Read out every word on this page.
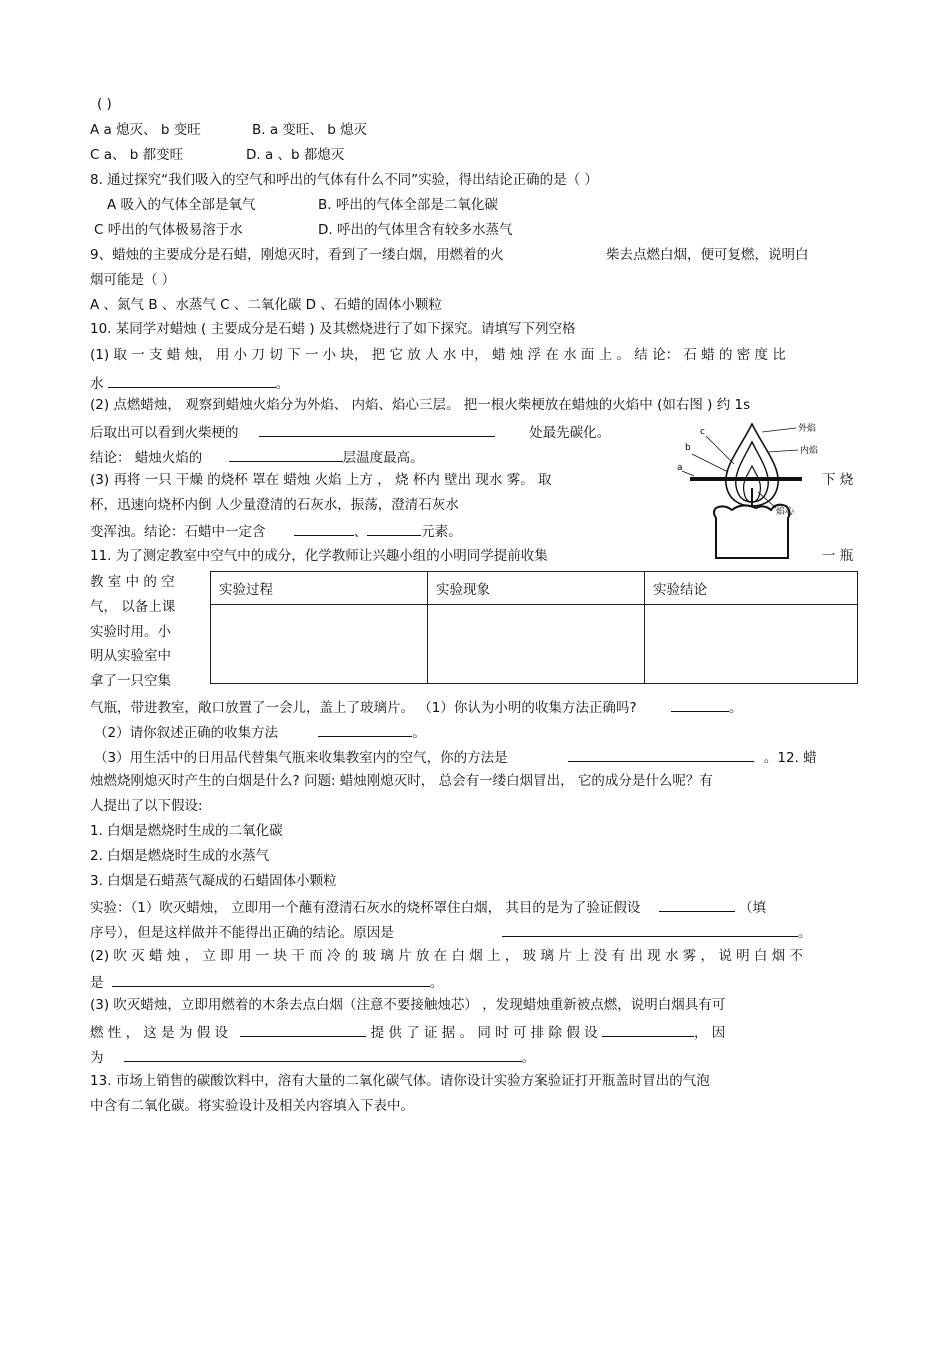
( )
A a 熄灭、 b 变旺	B. a 变旺、 b 熄灭
C a、 b 都变旺	D. a 、b 都熄灭
8. 通过探究“我们吸入的空气和呼出的气体有什么不同”实验，得出结论正确的是（ ）
A 吸入的气体全部是氧气	B. 呼出的气体全部是二氧化碳
C 呼出的气体极易溶于水	D. 呼出的气体里含有较多水蒸气
9、蜡烛的主要成分是石蜡，刚熄灭时，看到了一缕白烟，用燃着的火	柴去点燃白烟，便可复燃，说明白
烟可能是（ ）
A 、氮气 B 、水蒸气 C 、二氧化碳 D 、石蜡的固体小颗粒
10. 某同学对蜡烛 ( 主要成分是石蜡 ) 及其燃烧进行了如下探究。请填写下列空格
(1) 取 一 支 蜡 烛， 用 小 刀 切 下 一 小 块， 把 它 放 人 水 中， 蜡 烛 浮 在 水 面 上 。 结 论： 石 蜡 的 密 度 比
水	。
(2) 点燃蜡烛， 观察到蜡烛火焰分为外焰、 内焰、焰心三层。 把一根火柴梗放在蜡烛的火焰中 (如右图 ) 约 1s
后取出可以看到火柴梗的	处最先碳化。
结论： 蜡烛火焰的	层温度最高。
(3) 再将 一只 干燥 的烧杯 罩在 蜡烛 火焰 上方 ， 烧 杯内 壁出 现水 雾。 取	下 烧
杯，迅速向烧杯内倒 人少量澄清的石灰水，振荡，澄清石灰水
变浑浊。结论：石蜡中一定含	、	元素。
外焰
内焰
焰心
c
b
a
11. 为了测定教室中空气中的成分，化学教师让兴趣小组的小明同学提前收集	一 瓶
教 室 中 的 空
气， 以备上课
实验时用。小
明从实验室中
拿了一只空集
实验过程	实验现象	实验结论

气瓶，带进教室，敞口放置了一会儿，盖上了玻璃片。 （1）你认为小明的收集方法正确吗?	。
（2）请你叙述正确的收集方法	。
（3）用生活中的日用品代替集气瓶来收集教室内的空气，你的方法是	。12. 蜡
烛燃烧刚熄灭时产生的白烟是什么? 问题: 蜡烛刚熄灭时， 总会有一缕白烟冒出， 它的成分是什么呢？有
人提出了以下假设:
1. 白烟是燃烧时生成的二氧化碳
2. 白烟是燃烧时生成的水蒸气
3. 白烟是石蜡蒸气凝成的石蜡固体小颗粒
实验：（1）吹灭蜡烛， 立即用一个蘸有澄清石灰水的烧杯罩住白烟， 其目的是为了验证假设	（填
序号），但是这样做并不能得出正确的结论。原因是	。
(2) 吹 灭 蜡 烛 ， 立 即 用 一 块 干 而 冷 的 玻 璃 片 放 在 白 烟 上 ， 玻 璃 片 上 没 有 出 现 水 雾 ， 说 明 白 烟 不
是	。
(3) 吹灭蜡烛，立即用燃着的木条去点白烟（注意不要接触烛芯） ，发现蜡烛重新被点燃，说明白烟具有可
燃 性 ， 这 是 为 假 设	提 供 了 证 据 。 同 时 可 排 除 假 设	， 因
为	。
13. 市场上销售的碳酸饮料中，溶有大量的二氧化碳气体。请你设计实验方案验证打开瓶盖时冒出的气泡
中含有二氧化碳。将实验设计及相关内容填入下表中。
